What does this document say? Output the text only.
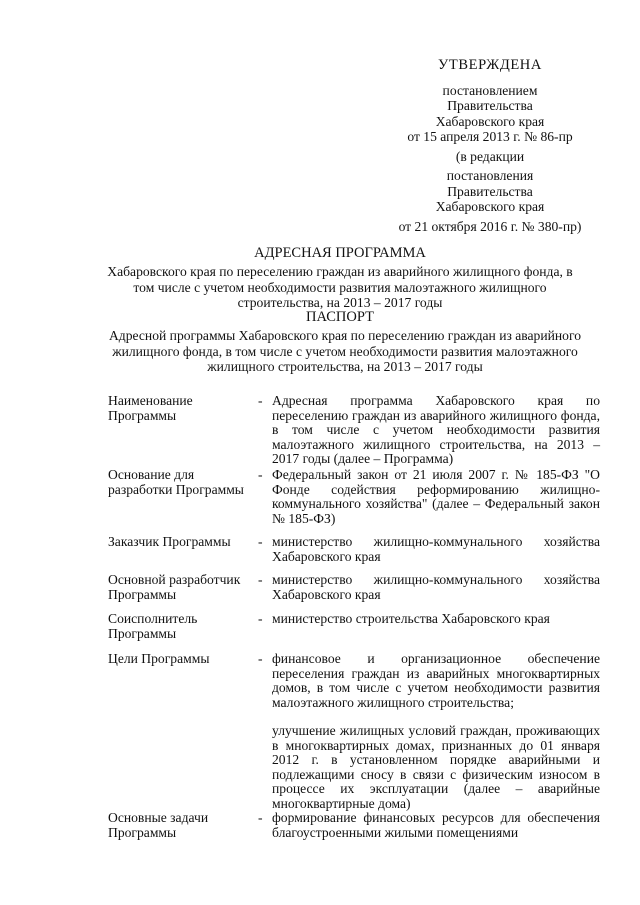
УТВЕРЖДЕНА
постановлением
Правительства
Хабаровского края
от 15 апреля 2013 г. № 86-пр
(в редакции
постановления
Правительства
Хабаровского края
от 21 октября 2016 г. № 380-пр)
АДРЕСНАЯ ПРОГРАММА
Хабаровского края по переселению граждан из аварийного жилищного фонда, в том числе с учетом необходимости развития малоэтажного жилищного строительства, на 2013 – 2017 годы
ПАСПОРТ
Адресной программы Хабаровского края по переселению граждан из аварийного жилищного фонда, в том числе с учетом необходимости развития малоэтажного жилищного строительства, на 2013 – 2017 годы
Наименование Программы
- Адресная программа Хабаровского края по переселению граждан из аварийного жилищного фонда, в том числе с учетом необходимости развития малоэтажного жилищного строительства, на 2013 – 2017 годы (далее – Программа)

Основание для разработки Программы
- Федеральный закон от 21 июля 2007 г. № 185-ФЗ "О Фонде содействия реформированию жилищно-коммунального хозяйства" (далее – Федеральный закон № 185-ФЗ)

Заказчик Программы	- министерство жилищно-коммунального хозяйства Хабаровского края

Основной разработчик Программы
- министерство жилищно-коммунального хозяйства Хабаровского края

Соисполнитель Программы
- министерство строительства Хабаровского края

Цели Программы	- финансовое и организационное обеспечение переселения граждан из аварийных многоквартирных домов, в том числе с учетом необходимости развития малоэтажного жилищного строительства;

улучшение жилищных условий граждан, проживающих в многоквартирных домах, признанных до 01 января 2012 г. в установленном порядке аварийными и подлежащими сносу в связи с физическим износом в процессе их эксплуатации (далее – аварийные многоквартирные дома)

Основные задачи Программы
- формирование финансовых ресурсов для обеспечения благоустроенными жилыми помещениями
